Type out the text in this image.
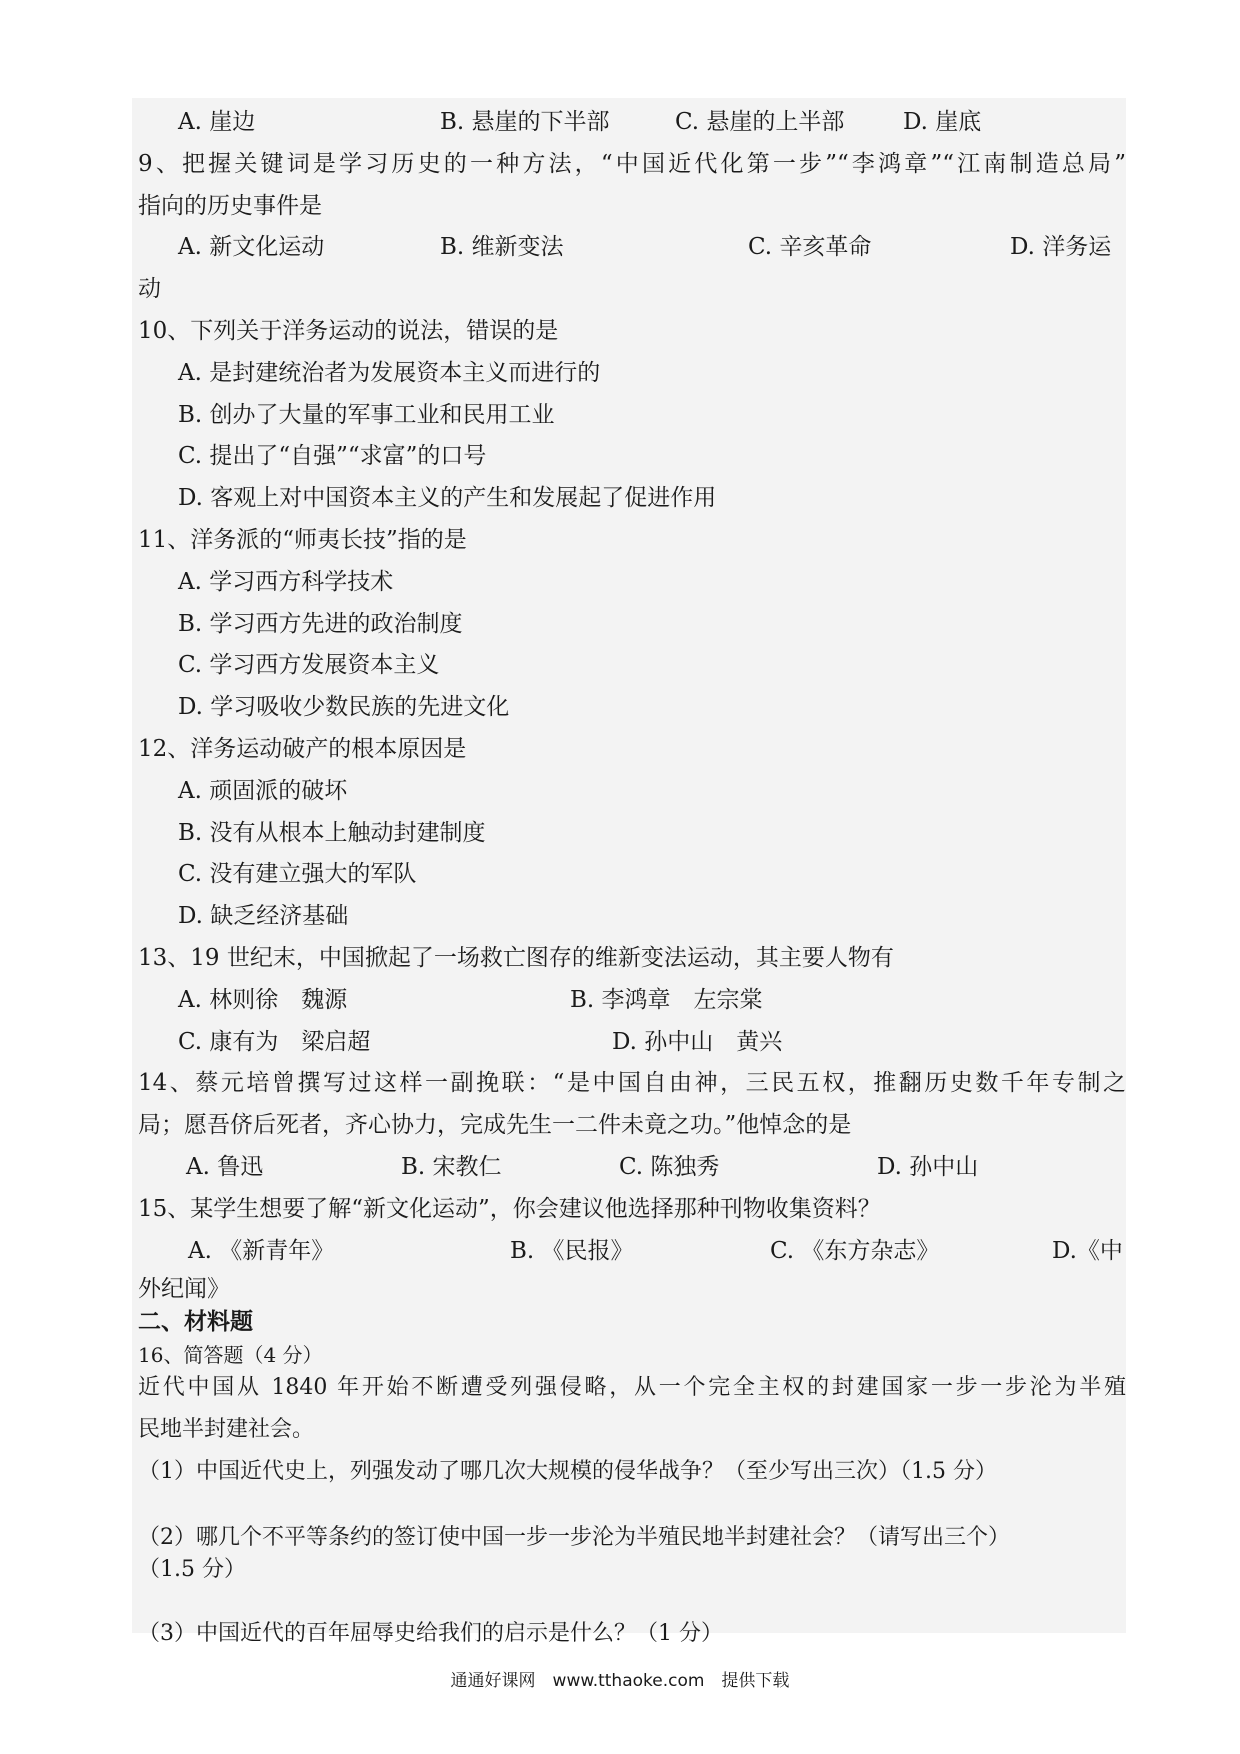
A. 崖边	B. 悬崖的下半部	C. 悬崖的上半部	D. 崖底
9、把握关键词是学习历史的一种方法，“中国近代化第一步”“李鸿章”“江南制造总局”
指向的历史事件是
A. 新文化运动	B. 维新变法	C. 辛亥革命	D. 洋务运
动
10、下列关于洋务运动的说法，错误的是
A. 是封建统治者为发展资本主义而进行的
B. 创办了大量的军事工业和民用工业
C. 提出了“自强”“求富”的口号
D. 客观上对中国资本主义的产生和发展起了促进作用
11、洋务派的“师夷长技”指的是
A. 学习西方科学技术
B. 学习西方先进的政治制度
C. 学习西方发展资本主义
D. 学习吸收少数民族的先进文化
12、洋务运动破产的根本原因是
A. 顽固派的破坏
B. 没有从根本上触动封建制度
C. 没有建立强大的军队
D. 缺乏经济基础
13、19 世纪末，中国掀起了一场救亡图存的维新变法运动，其主要人物有
A. 林则徐　魏源	B. 李鸿章　左宗棠
C. 康有为　梁启超	D. 孙中山　黄兴
14、蔡元培曾撰写过这样一副挽联：“是中国自由神，三民五权，推翻历史数千年专制之
局；愿吾侪后死者，齐心协力，完成先生一二件未竟之功。”他悼念的是
A. 鲁迅	B. 宋教仁	C. 陈独秀	D. 孙中山
15、某学生想要了解“新文化运动”，你会建议他选择那种刊物收集资料？
A. 《新青年》	B. 《民报》	C. 《东方杂志》	D.《中
外纪闻》
二、材料题
16、简答题（4 分）
近代中国从 1840 年开始不断遭受列强侵略，从一个完全主权的封建国家一步一步沦为半殖
民地半封建社会。
（1）中国近代史上，列强发动了哪几次大规模的侵华战争？（至少写出三次）（1.5 分）
（2）哪几个不平等条约的签订使中国一步一步沦为半殖民地半封建社会？（请写出三个）
（1.5 分）
（3）中国近代的百年屈辱史给我们的启示是什么？（1 分）
通通好课网　www.tthaoke.com　提供下载
